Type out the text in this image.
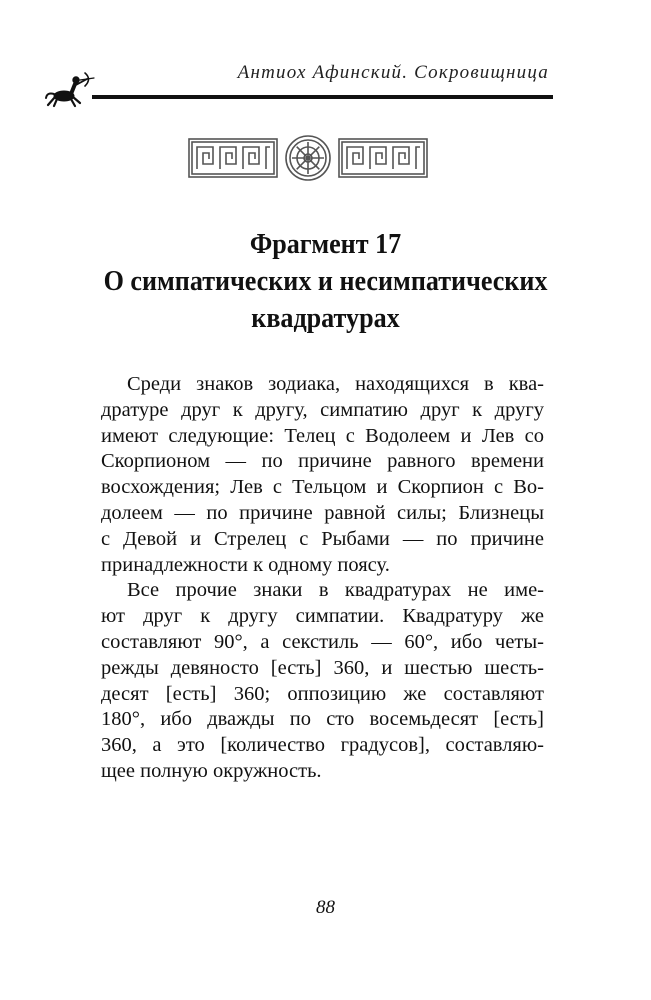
Антиох Афинский. Сокровищница
Фрагмент 17
О симпатических и несимпатических
квадратурах

Среди знаков зодиака, находящихся в ква-

дратуре друг к другу, симпатию друг к другу

имеют следующие: Телец с Водолеем и Лев со

Скорпионом — по причине равного времени

восхождения; Лев с Тельцом и Скорпион с Во-

долеем — по причине равной силы; Близнецы

с Девой и Стрелец с Рыбами — по причине

принадлежности к одному поясу.

Все прочие знаки в квадратурах не име-

ют друг к другу симпатии. Квадратуру же

составляют 90°, а секстиль — 60°, ибо четы-

режды девяносто [есть] 360, и шестью шесть-

десят [есть] 360; оппозицию же составляют

180°, ибо дважды по сто восемьдесят [есть]

360, а это [количество градусов], составляю-

щее полную окружность.

88
